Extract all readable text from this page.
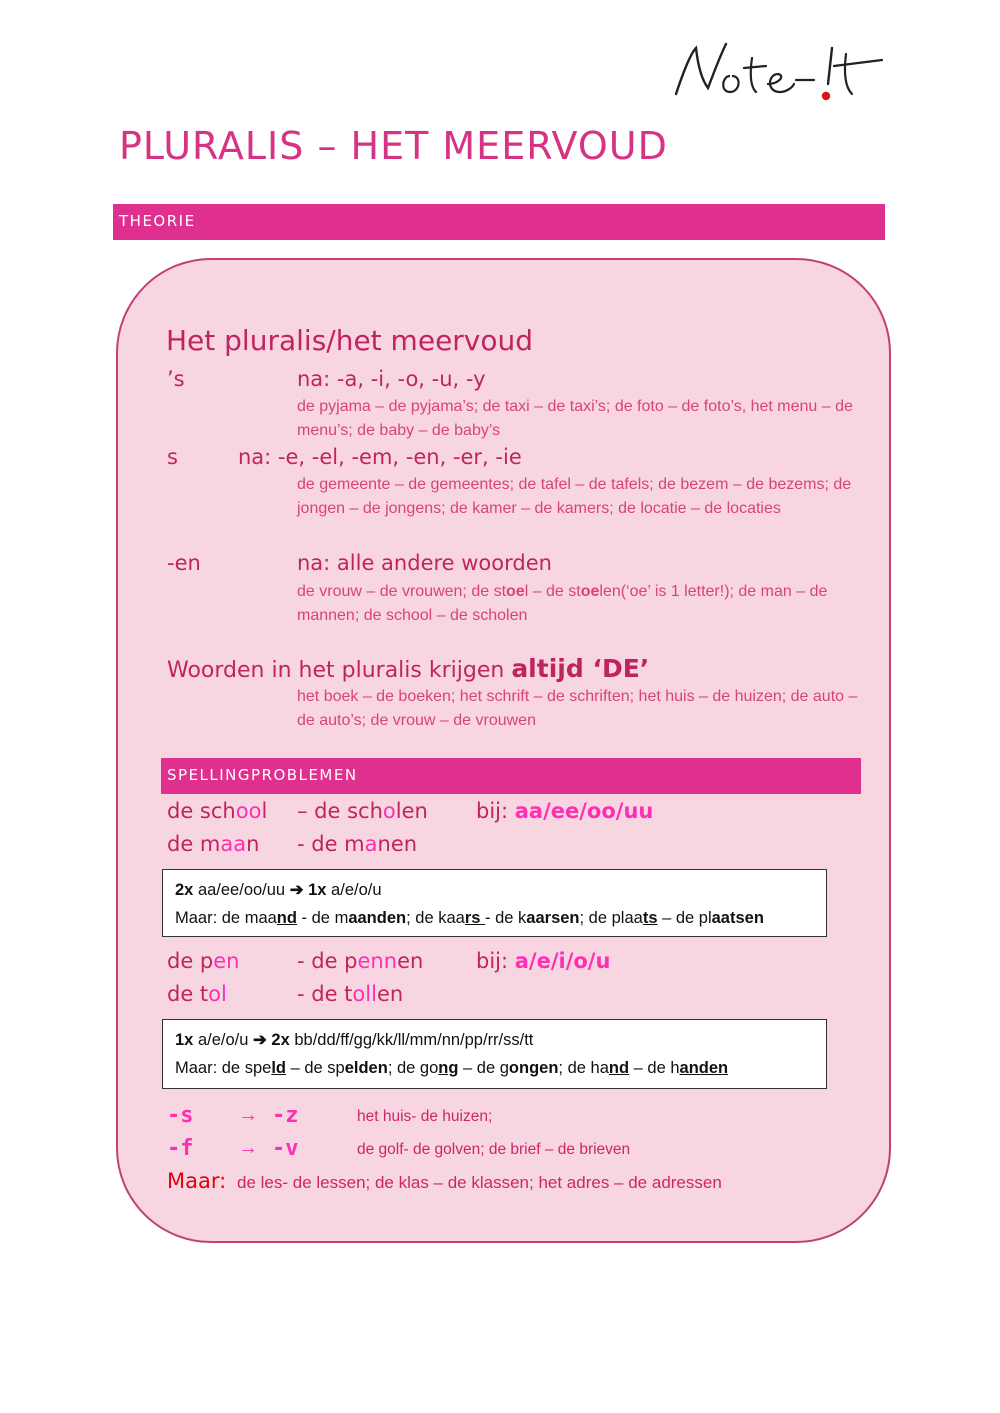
PLURALIS – HET MEERVOUD
THEORIE
Het pluralis/het meervoud
’s	na: -a, -i, -o, -u, -y
de pyjama – de pyjama’s; de taxi – de taxi’s; de foto – de foto’s, het menu – de menu’s; de baby – de baby’s
s	na: -e, -el, -em, -en, -er, -ie
de gemeente – de gemeentes; de tafel – de tafels; de bezem – de bezems; de jongen – de jongens; de kamer – de kamers; de locatie – de locaties
-en	na: alle andere woorden
de vrouw – de vrouwen; de stoel – de stoelen(‘oe’ is 1 letter!); de man – de mannen; de school – de scholen
Woorden in het pluralis krijgen altijd ‘DE’
het boek – de boeken; het schrift – de schriften; het huis – de huizen; de auto – de auto’s; de vrouw – de vrouwen
SPELLINGPROBLEMEN
de school – de scholen bij: aa/ee/oo/uu
de maan - de manen
2x aa/ee/oo/uu ➔ 1x a/e/o/u
Maar: de maand - de maanden; de kaars - de kaarsen; de plaats – de plaatsen
de pen	- de pennen	bij: a/e/i/o/u
de tol	- de tollen
1x a/e/o/u ➔ 2x bb/dd/ff/gg/kk/ll/mm/nn/pp/rr/ss/tt
Maar: de speld – de spelden; de gong – de gongen; de hand – de handen
-s → -z	het huis- de huizen;
-f → -v	de golf- de golven; de brief – de brieven
Maar: de les- de lessen; de klas – de klassen; het adres – de adressen
